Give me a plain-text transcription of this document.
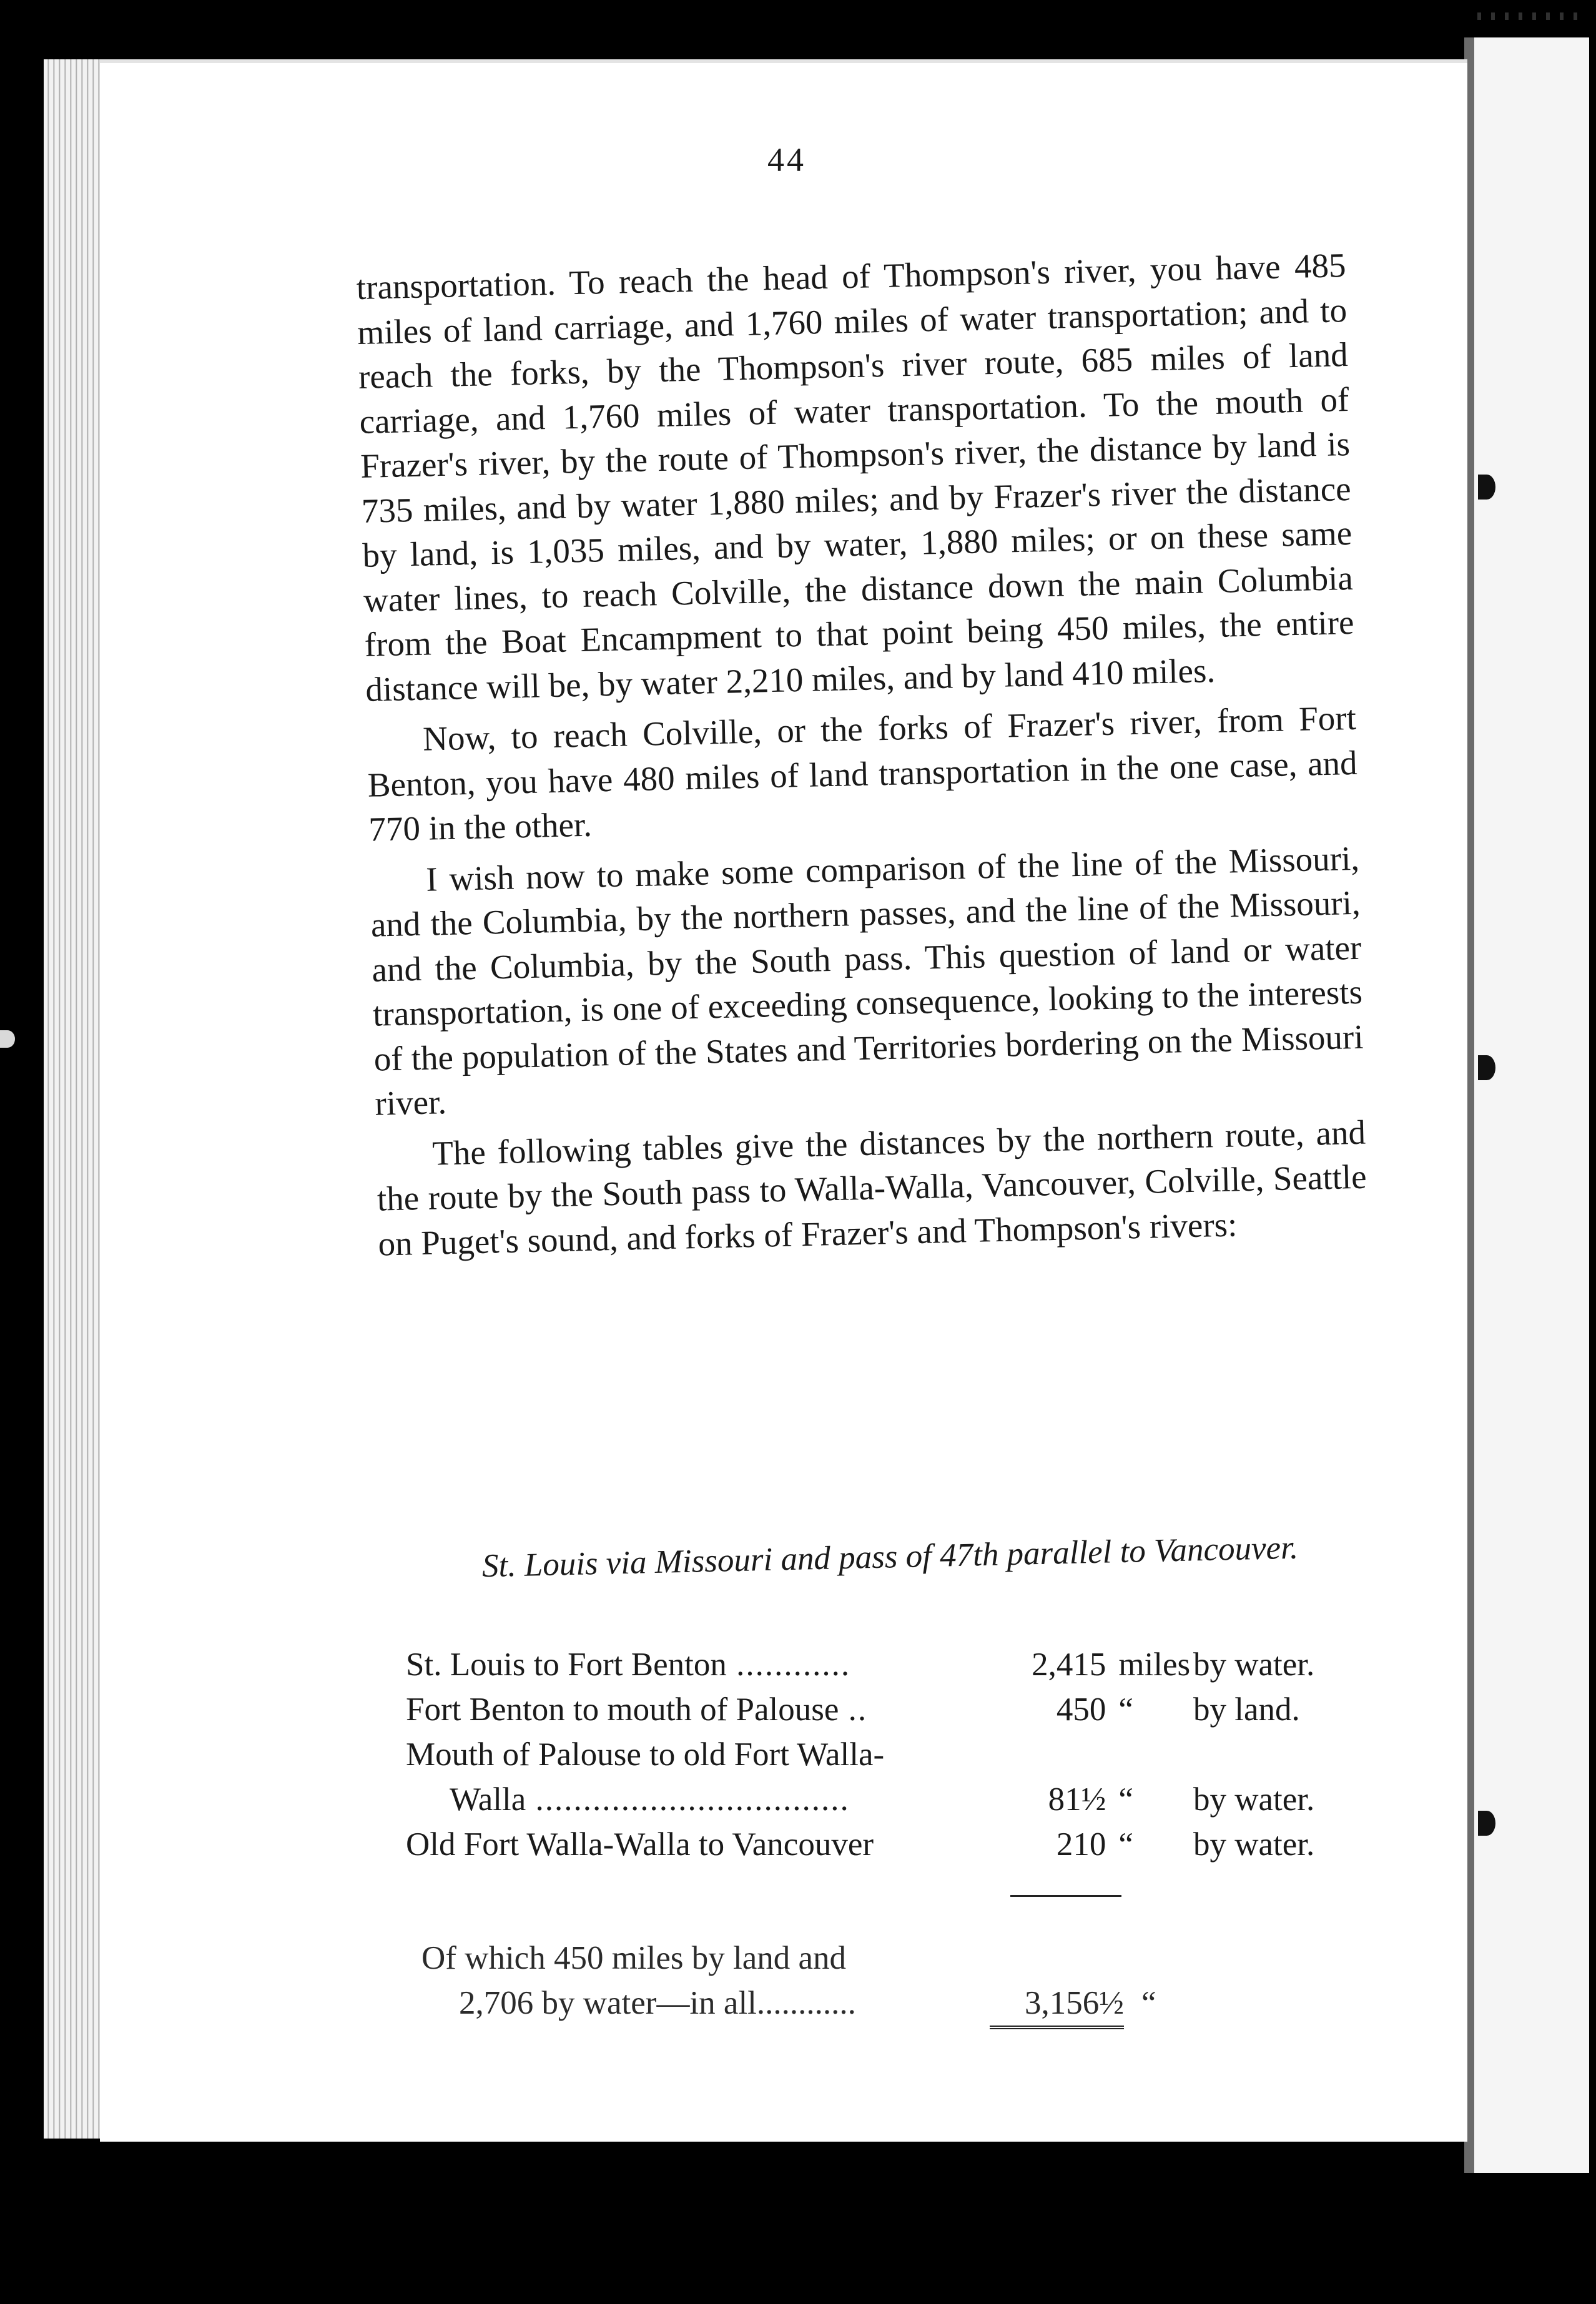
44

transportation. To reach the head of Thompson's river, you have 485 miles of land carriage, and 1,760 miles of water transportation; and to reach the forks, by the Thompson's river route, 685 miles of land carriage, and 1,760 miles of water transportation. To the mouth of Frazer's river, by the route of Thompson's river, the distance by land is 735 miles, and by water 1,880 miles; and by Frazer's river the distance by land, is 1,035 miles, and by water, 1,880 miles; or on these same water lines, to reach Colville, the distance down the main Columbia from the Boat Encampment to that point being 450 miles, the entire distance will be, by water 2,210 miles, and by land 410 miles.

Now, to reach Colville, or the forks of Frazer's river, from Fort Benton, you have 480 miles of land transportation in the one case, and 770 in the other.

I wish now to make some comparison of the line of the Missouri, and the Columbia, by the northern passes, and the line of the Missouri, and the Columbia, by the South pass. This question of land or water transportation, is one of exceeding consequence, looking to the interests of the population of the States and Territories bordering on the Missouri river.

The following tables give the distances by the northern route, and the route by the South pass to Walla-Walla, Vancouver, Colville, Seattle on Puget's sound, and forks of Frazer's and Thompson's rivers:

St. Louis via Missouri and pass of 47th parallel to Vancouver.
St. Louis to Fort Benton ............	2,415 miles by water.
Fort Benton to mouth of Palouse ..	450 “	by land.
Mouth of Palouse to old Fort Walla-
Walla .................................	81½ “	by water.
Old Fort Walla-Walla to Vancouver	210 “	by water.
Of which 450 miles by land and
2,706 by water—in all............	3,156½ “
